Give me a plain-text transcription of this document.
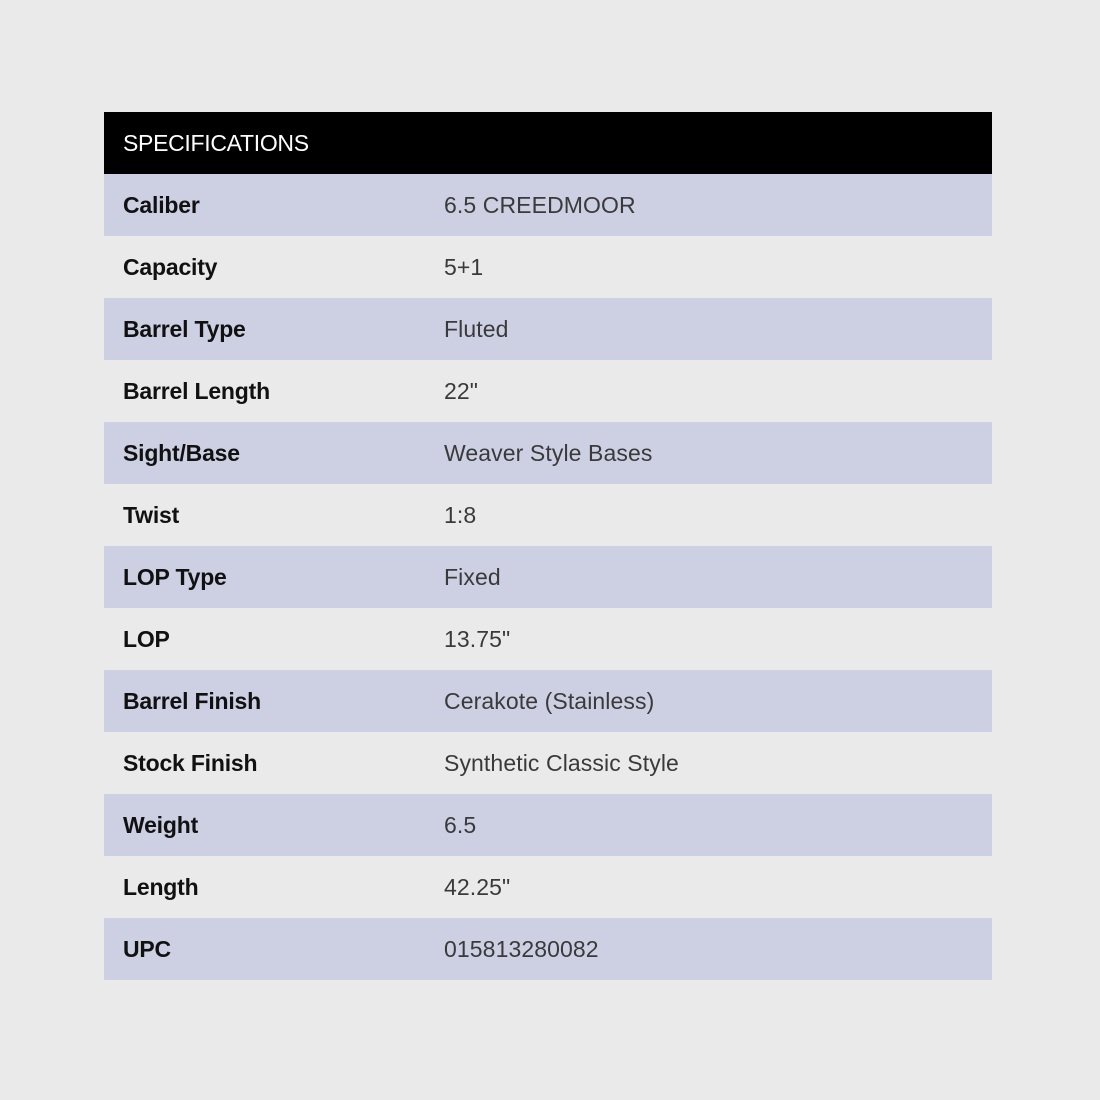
SPECIFICATIONS
Caliber	6.5 CREEDMOOR
Capacity	5+1
Barrel Type	Fluted
Barrel Length	22"
Sight/Base	Weaver Style Bases
Twist	1:8
LOP Type	Fixed
LOP	13.75"
Barrel Finish	Cerakote (Stainless)
Stock Finish	Synthetic Classic Style
Weight	6.5
Length	42.25"
UPC	015813280082
